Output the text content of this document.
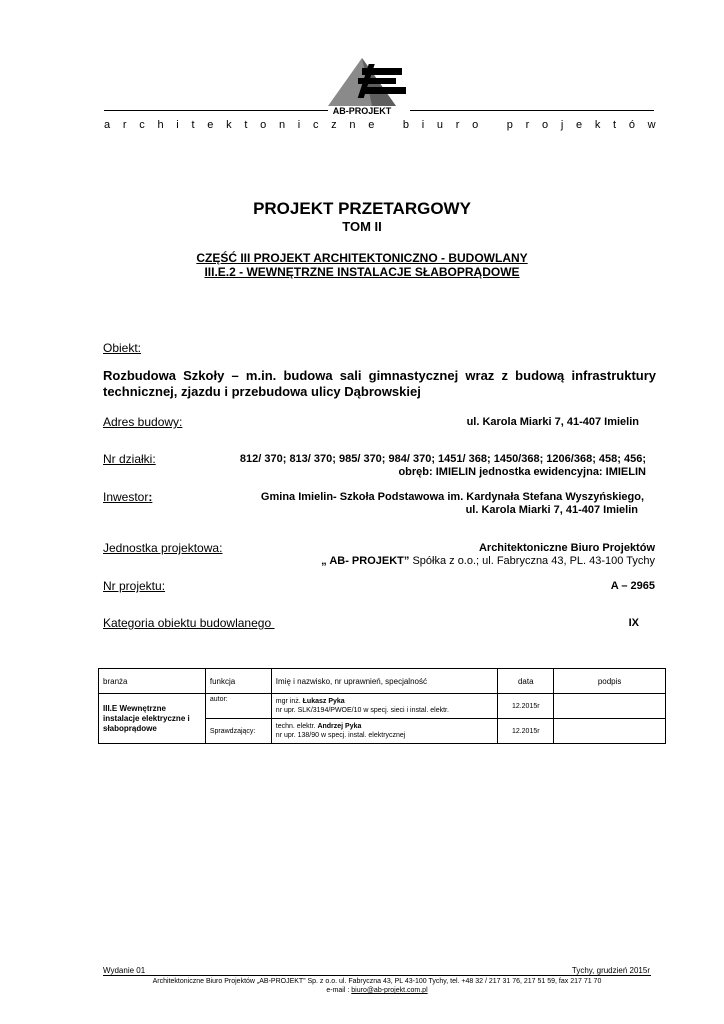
AB-PROJEKT
a r c h i t e k t o n i c z n e
	b i u r o
	p r o j e k t ó w
PROJEKT PRZETARGOWY
TOM II
CZĘŚĆ III PROJEKT ARCHITEKTONICZNO - BUDOWLANY
III.E.2 - WEWNĘTRZNE INSTALACJE SŁABOPRĄDOWE
Obiekt:
Rozbudowa Szkoły – m.in. budowa sali gimnastycznej wraz z budową infrastruktury
technicznej, zjazdu i przebudowa ulicy Dąbrowskiej
Adres budowy:	ul. Karola Miarki 7, 41-407 Imielin
Nr działki:	812/ 370; 813/ 370; 985/ 370; 984/ 370; 1451/ 368; 1450/368; 1206/368; 458; 456;
obręb: IMIELIN jednostka ewidencyjna: IMIELIN
Inwestor:	Gmina Imielin- Szkoła Podstawowa im. Kardynała Stefana Wyszyńskiego,
ul. Karola Miarki 7, 41-407 Imielin
Jednostka projektowa:	Architektoniczne Biuro Projektów
„ AB- PROJEKT” Spółka z o.o.; ul. Fabryczna 43, PL. 43-100 Tychy
Nr projektu:	A – 2965
Kategoria obiektu budowlanego	IX
branża	funkcja	Imię i nazwisko, nr uprawnień, specjalność	data	podpis
III.E Wewnętrzne instalacje elektryczne i słaboprądowe	autor:	mgr inż. Łukasz Pyka
nr upr. SLK/3194/PWOE/10 w specj. sieci i instal. elektr.	12.2015r	
	Sprawdzający:	techn. elektr. Andrzej Pyka
nr upr. 138/90 w specj. instal. elektrycznej	12.2015r	
Wydanie 01	Tychy, grudzień 2015r
Architektoniczne Biuro Projektów „AB-PROJEKT” Sp. z o.o. ul. Fabryczna 43, PL 43-100 Tychy, tel. +48 32 / 217 31 76, 217 51 59, fax 217 71 70
e-mail : biuro@ab-projekt.com.pl
